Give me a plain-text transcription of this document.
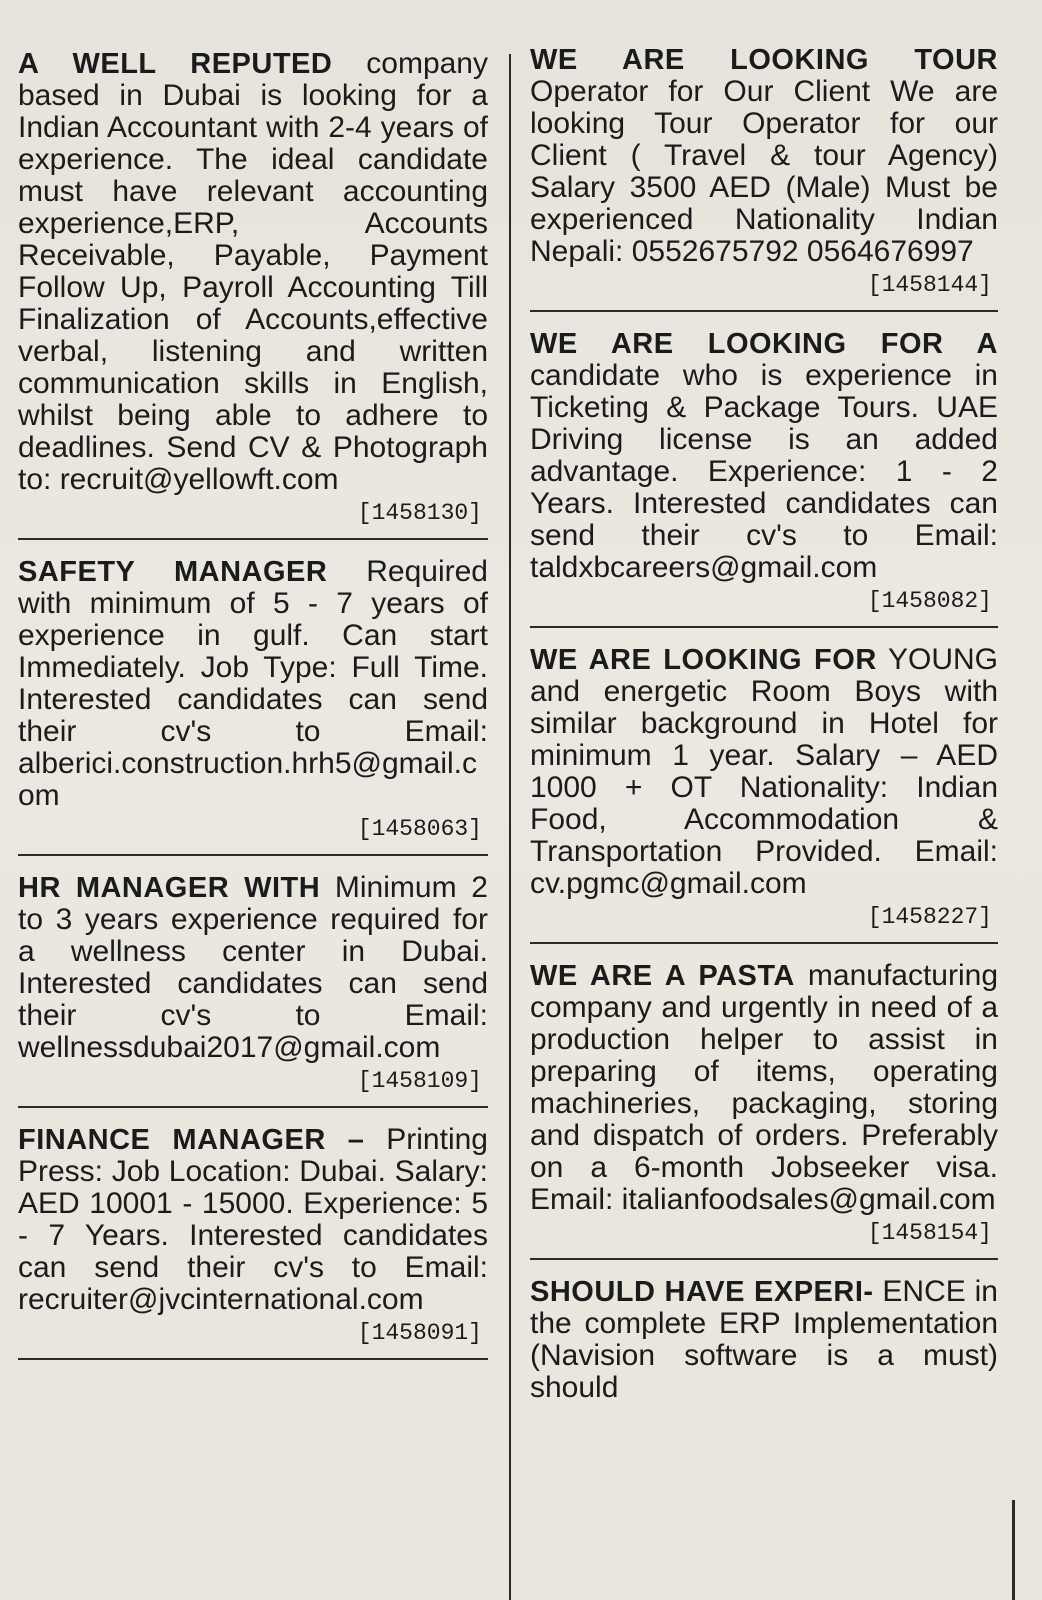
A WELL REPUTED company based in Dubai is looking for a Indian Accountant with 2-4 years of experience. The ideal candidate must have relevant accounting experience,ERP, Accounts Receivable, Payable, Payment Follow Up, Payroll Accounting Till Finalization of Accounts,effective verbal, listening and written communication skills in English, whilst being able to adhere to deadlines. Send CV & Photograph to: recruit@yellowft.com

[1458130]

SAFETY MANAGER Required with minimum of 5 - 7 years of experience in gulf. Can start Immediately. Job Type: Full Time. Interested candidates can send their cv's to Email: alberici.construction.hrh5@gmail.com

[1458063]

HR MANAGER WITH Minimum 2 to 3 years experience required for a wellness center in Dubai. Interested candidates can send their cv's to Email: wellnessdubai2017@gmail.com

[1458109]

FINANCE MANAGER – Printing Press: Job Location: Dubai. Salary: AED 10001 - 15000. Experience: 5 - 7 Years. Interested candidates can send their cv's to Email: recruiter@jvcinternational.com

[1458091]

WE ARE LOOKING TOUR Operator for Our Client We are looking Tour Operator for our Client ( Travel & tour Agency) Salary 3500 AED (Male) Must be experienced Nationality Indian Nepali: 0552675792 0564676997

[1458144]

WE ARE LOOKING FOR A candidate who is experience in Ticketing & Package Tours. UAE Driving license is an added advantage. Experience: 1 - 2 Years. Interested candidates can send their cv's to Email: taldxbcareers@gmail.com

[1458082]

WE ARE LOOKING FOR YOUNG and energetic Room Boys with similar background in Hotel for minimum 1 year. Salary – AED 1000 + OT Nationality: Indian Food, Accommodation & Transportation Provided. Email: cv.pgmc@gmail.com

[1458227]

WE ARE A PASTA manufacturing company and urgently in need of a production helper to assist in preparing of items, operating machineries, packaging, storing and dispatch of orders. Preferably on a 6-month Jobseeker visa. Email: italianfoodsales@gmail.com

[1458154]

SHOULD HAVE EXPERI- ENCE in the complete ERP Implementation (Navision software is a must) should
